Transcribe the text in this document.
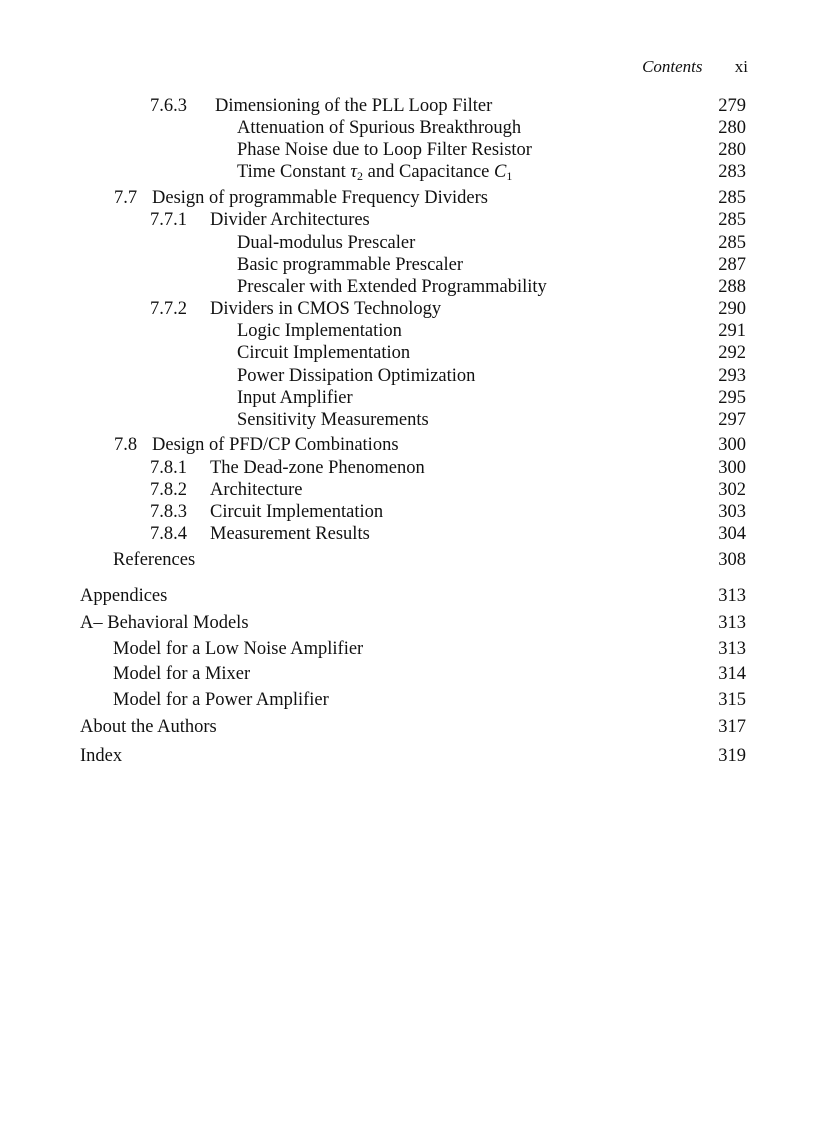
Contents xi
7.6.3 Dimensioning of the PLL Loop Filter	279
Attenuation of Spurious Breakthrough	280
Phase Noise due to Loop Filter Resistor	280
Time Constant $\tau_2$ and Capacitance $C_1$	283
7.7 Design of programmable Frequency Dividers	285
7.7.1 Divider Architectures	285
Dual-modulus Prescaler	285
Basic programmable Prescaler	287
Prescaler with Extended Programmability	288
7.7.2 Dividers in CMOS Technology	290
Logic Implementation	291
Circuit Implementation	292
Power Dissipation Optimization	293
Input Amplifier	295
Sensitivity Measurements	297
7.8 Design of PFD/CP Combinations	300
7.8.1 The Dead-zone Phenomenon	300
7.8.2 Architecture	302
7.8.3 Circuit Implementation	303
7.8.4 Measurement Results	304
References	308
Appendices	313
A– Behavioral Models	313
Model for a Low Noise Amplifier	313
Model for a Mixer	314
Model for a Power Amplifier	315
About the Authors	317
Index	319
